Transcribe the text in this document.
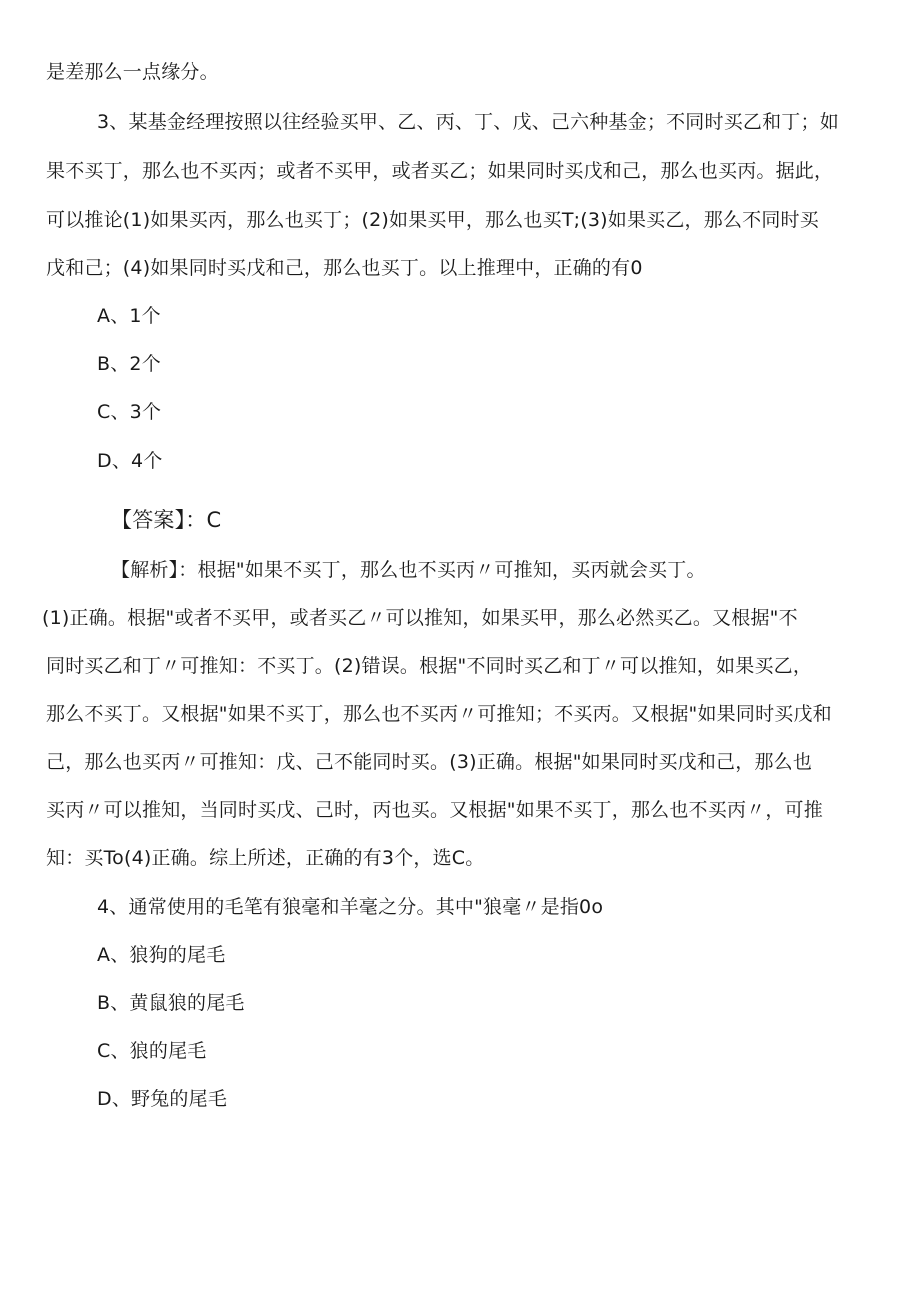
是差那么一点缘分。
3、某基金经理按照以往经验买甲、乙、丙、丁、戊、己六种基金；不同时买乙和丁；如
果不买丁，那么也不买丙；或者不买甲，或者买乙；如果同时买戊和己，那么也买丙。据此，
可以推论(1)如果买丙，那么也买丁；(2)如果买甲，那么也买T;(3)如果买乙，那么不同时买
戊和己；(4)如果同时买戊和己，那么也买丁。以上推理中，正确的有0
A、1个
B、2个
C、3个
D、4个
【答案】：C
【解析】：根据"如果不买丁，那么也不买丙〃可推知，买丙就会买丁。
(1)正确。根据"或者不买甲，或者买乙〃可以推知，如果买甲，那么必然买乙。又根据"不
同时买乙和丁〃可推知：不买丁。(2)错误。根据"不同时买乙和丁〃可以推知，如果买乙，
那么不买丁。又根据"如果不买丁，那么也不买丙〃可推知；不买丙。又根据"如果同时买戊和
己，那么也买丙〃可推知：戊、己不能同时买。(3)正确。根据"如果同时买戊和己，那么也
买丙〃可以推知，当同时买戊、己时，丙也买。又根据"如果不买丁，那么也不买丙〃，可推
知：买To(4)正确。综上所述，正确的有3个，选C。
4、通常使用的毛笔有狼毫和羊毫之分。其中"狼毫〃是指0o
A、狼狗的尾毛
B、黄鼠狼的尾毛
C、狼的尾毛
D、野兔的尾毛
